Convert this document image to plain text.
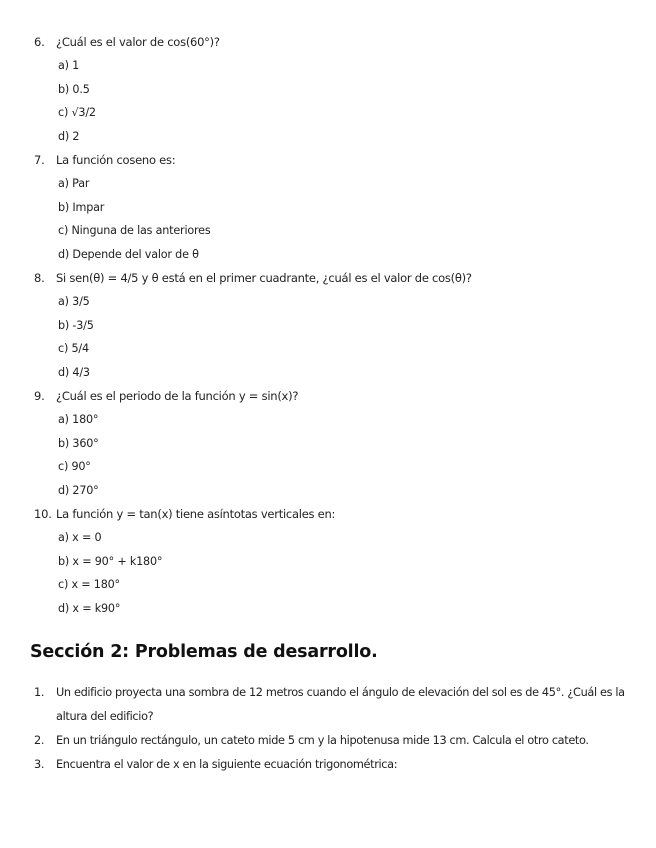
6. ¿Cuál es el valor de cos(60°)?
a) 1
b) 0.5
c) √3/2
d) 2
7. La función coseno es:
a) Par
b) Impar
c) Ninguna de las anteriores
d) Depende del valor de θ
8. Si sen(θ) = 4/5 y θ está en el primer cuadrante, ¿cuál es el valor de cos(θ)?
a) 3/5
b) -3/5
c) 5/4
d) 4/3
9. ¿Cuál es el periodo de la función y = sin(x)?
a) 180°
b) 360°
c) 90°
d) 270°
10. La función y = tan(x) tiene asíntotas verticales en:
a) x = 0
b) x = 90° + k180°
c) x = 180°
d) x = k90°
Sección 2: Problemas de desarrollo.
1.	Un edificio proyecta una sombra de 12 metros cuando el ángulo de elevación del sol es de 45°. ¿Cuál es la altura del edificio?
2.	En un triángulo rectángulo, un cateto mide 5 cm y la hipotenusa mide 13 cm. Calcula el otro cateto.
3.	Encuentra el valor de x en la siguiente ecuación trigonométrica:
